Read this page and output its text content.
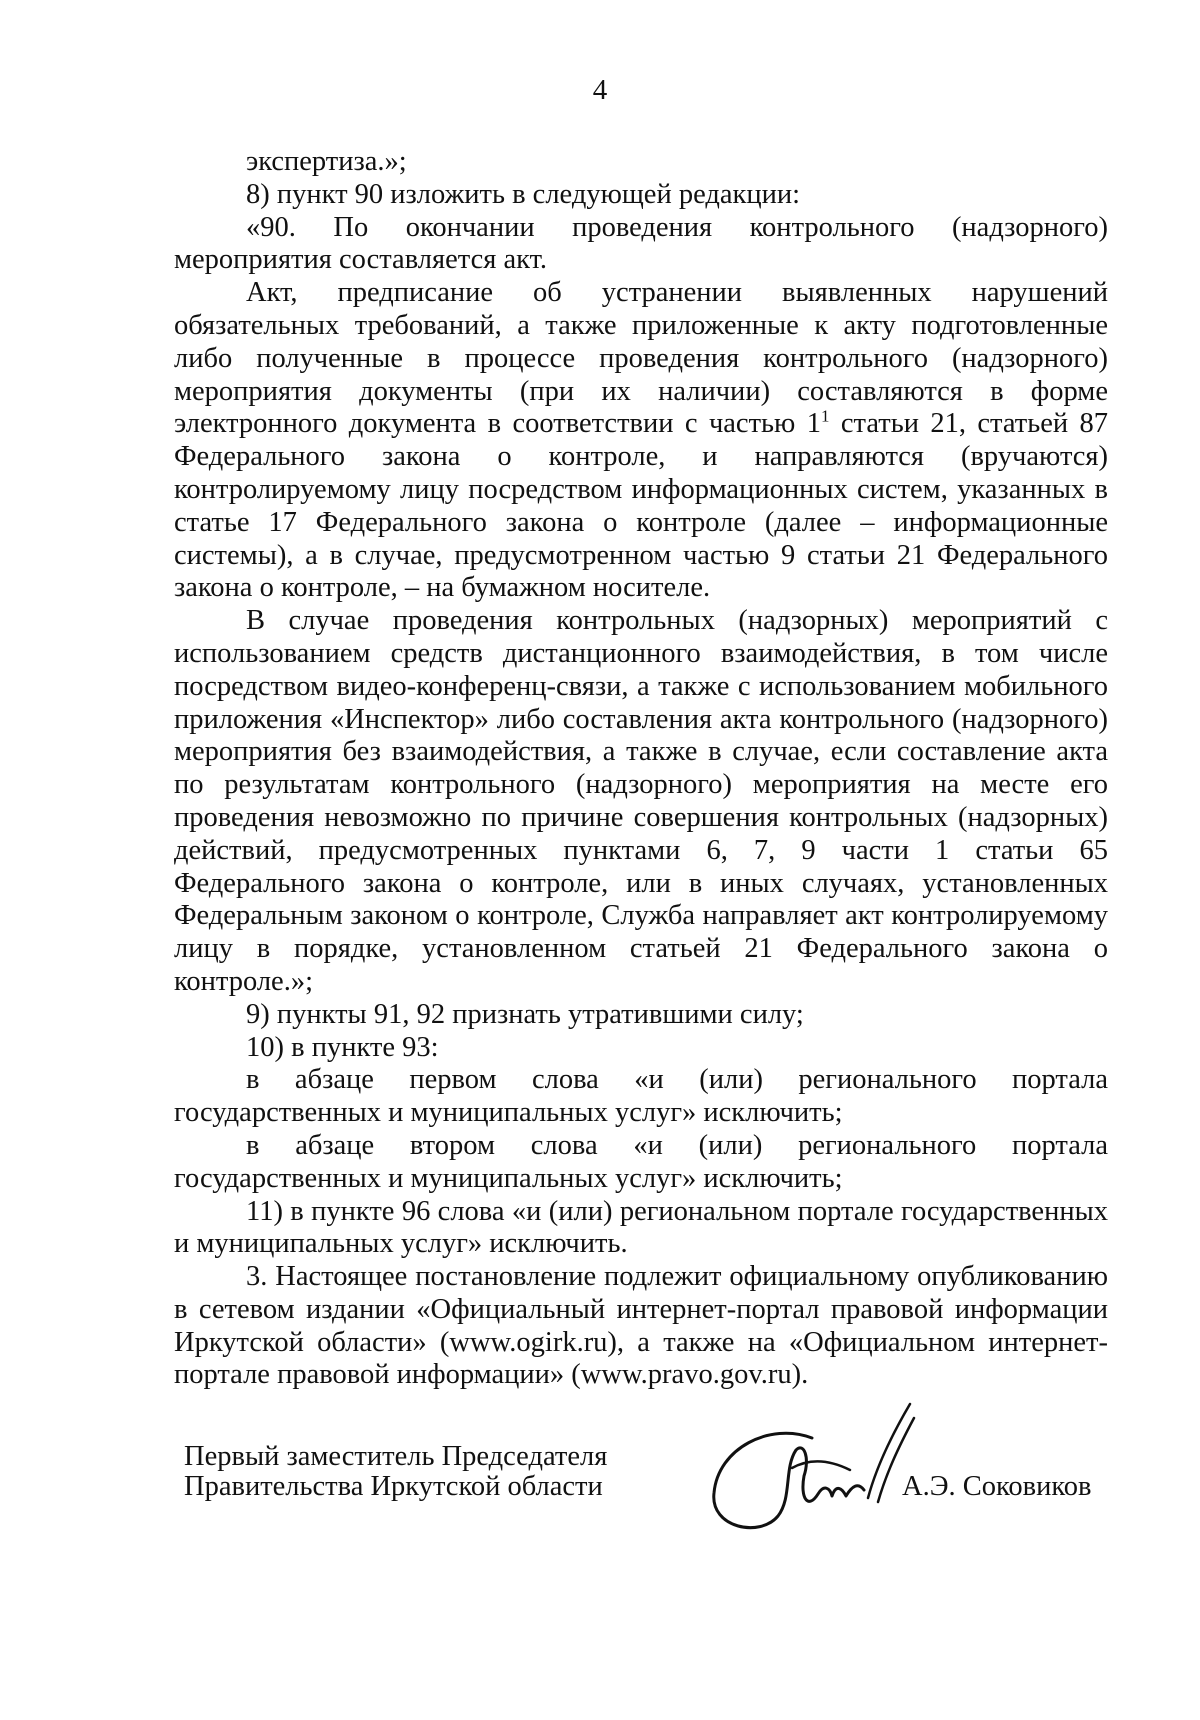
4

экспертиза.»;

8) пункт 90 изложить в следующей редакции:

«90. По окончании проведения контрольного (надзорного) мероприятия составляется акт.

Акт, предписание об устранении выявленных нарушений обязательных требований, а также приложенные к акту подготовленные либо полученные в процессе проведения контрольного (надзорного) мероприятия документы (при их наличии) составляются в форме электронного документа в соответствии с частью $1^1$ статьи 21, статьей 87 Федерального закона о контроле, и направляются (вручаются) контролируемому лицу посредством информационных систем, указанных в статье 17 Федерального закона о контроле (далее – информационные системы), а в случае, предусмотренном частью 9 статьи 21 Федерального закона о контроле, – на бумажном носителе.

В случае проведения контрольных (надзорных) мероприятий с использованием средств дистанционного взаимодействия, в том числе посредством видео-конференц-связи, а также с использованием мобильного приложения «Инспектор» либо составления акта контрольного (надзорного) мероприятия без взаимодействия, а также в случае, если составление акта по результатам контрольного (надзорного) мероприятия на месте его проведения невозможно по причине совершения контрольных (надзорных) действий, предусмотренных пунктами 6, 7, 9 части 1 статьи 65 Федерального закона о контроле, или в иных случаях, установленных Федеральным законом о контроле, Служба направляет акт контролируемому лицу в порядке, установленном статьей 21 Федерального закона о контроле.»;

9) пункты 91, 92 признать утратившими силу;

10) в пункте 93:

в абзаце первом слова «и (или) регионального портала государственных и муниципальных услуг» исключить;

в абзаце втором слова «и (или) регионального портала государственных и муниципальных услуг» исключить;

11) в пункте 96 слова «и (или) региональном портале государственных и муниципальных услуг» исключить.

3. Настоящее постановление подлежит официальному опубликованию в сетевом издании «Официальный интернет-портал правовой информации Иркутской области» (www.ogirk.ru), а также на «Официальном интернет-портале правовой информации» (www.pravo.gov.ru).

Первый заместитель Председателя
Правительства Иркутской области	А.Э. Соковиков
